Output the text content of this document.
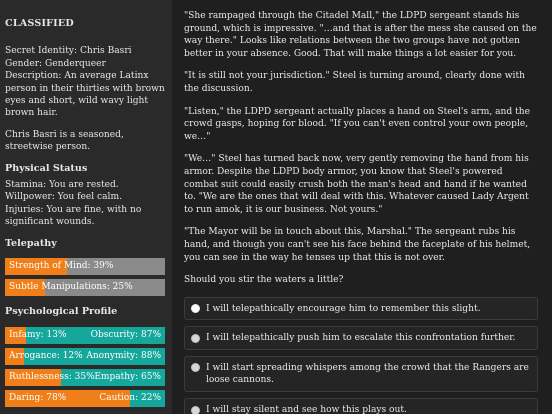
CLASSIFIED
Secret Identity: Chris Basri
Gender: Genderqueer
Description: An average Latinx person in their thirties with brown eyes and short, wild wavy light brown hair.
Chris Basri is a seasoned, streetwise person.
Physical Status
Stamina: You are rested.
Willpower: You feel calm.
Injuries: You are fine, with no significant wounds.
Telepathy
Strength of Mind: 39%
Subtle Manipulations: 25%
Psychological Profile
Infamy: 13%	Obscurity: 87%
Arrogance: 12% Anonymity: 88%
Ruthlessness: 35% Empathy: 65%
Daring: 78%	Caution: 22%

"She rampaged through the Citadel Mall," the LDPD sergeant stands his ground, which is impressive. "…and that is after the mess she caused on the way there." Looks like relations between the two groups have not gotten better in your absence. Good. That will make things a lot easier for you.

"It is still not your jurisdiction." Steel is turning around, clearly done with the discussion.

"Listen," the LDPD sergeant actually places a hand on Steel's arm, and the crowd gasps, hoping for blood. "If you can't even control your own people, we…"

"We…" Steel has turned back now, very gently removing the hand from his armor. Despite the LDPD body armor, you know that Steel's powered combat suit could easily crush both the man's head and hand if he wanted to. "We are the ones that will deal with this. Whatever caused Lady Argent to run amok, it is our business. Not yours."

"The Mayor will be in touch about this, Marshal." The sergeant rubs his hand, and though you can't see his face behind the faceplate of his helmet, you can see in the way he tenses up that this is not over.

Should you stir the waters a little?

I will telepathically encourage him to remember this slight.
I will telepathically push him to escalate this confrontation further.
I will start spreading whispers among the crowd that the Rangers are loose cannons.
I will stay silent and see how this plays out.
